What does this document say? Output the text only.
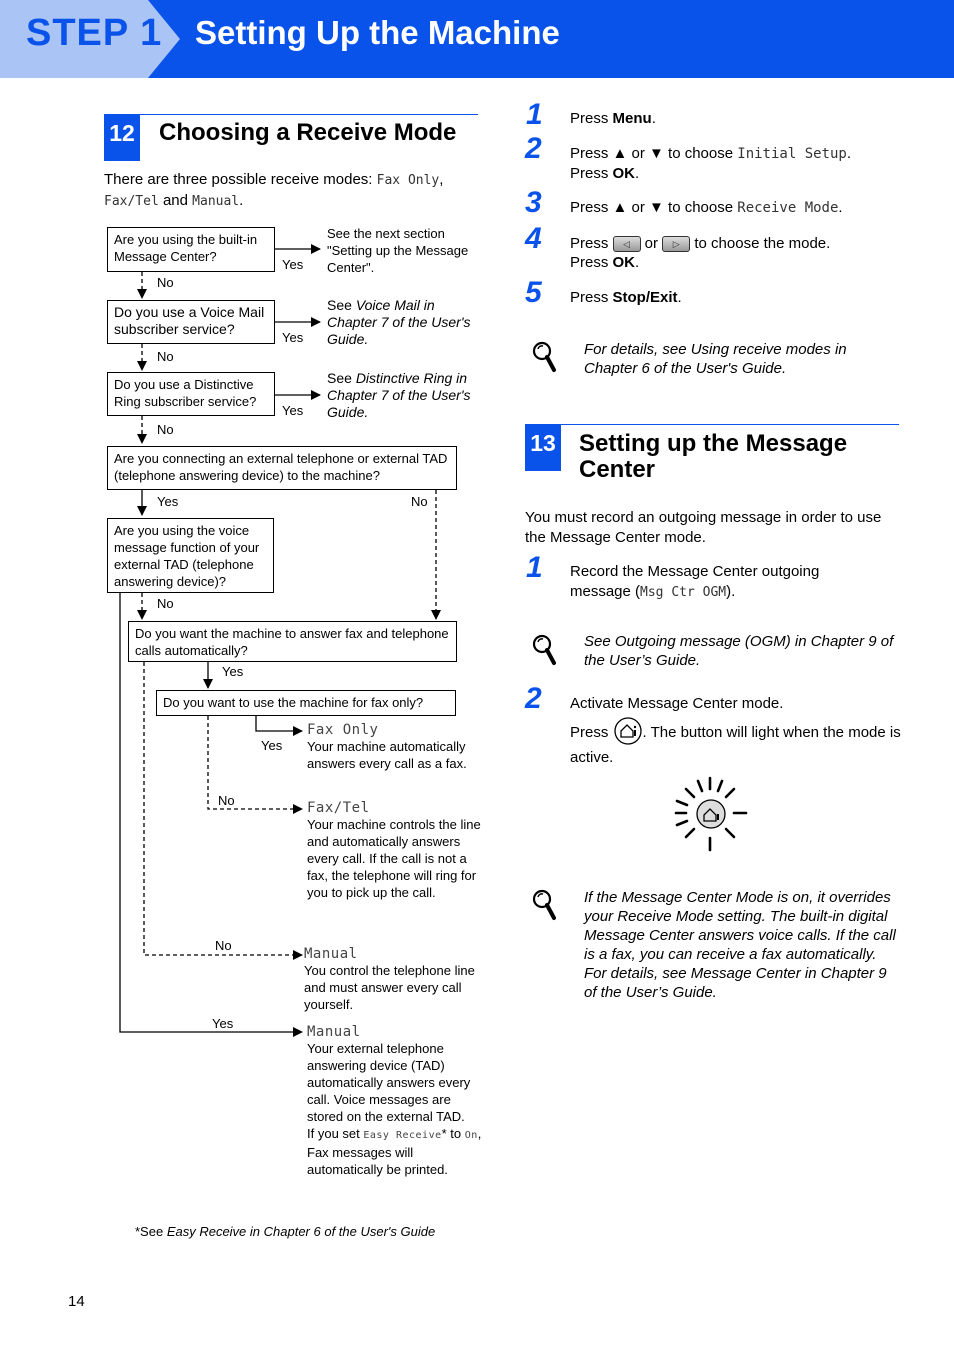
STEP 1 Setting Up the Machine
12 Choosing a Receive Mode
There are three possible receive modes: Fax Only,
Fax/Tel and Manual.
Are you using the built-in Message Center?
Yes
See the next section "Setting up the Message Center".
No
Do you use a Voice Mail subscriber service?
Yes
See Voice Mail in Chapter 7 of the User's Guide.
No
Do you use a Distinctive Ring subscriber service?
Yes
See Distinctive Ring in Chapter 7 of the User's Guide.
No
Are you connecting an external telephone or external TAD (telephone answering device) to the machine?
Yes	No
Are you using the voice message function of your external TAD (telephone answering device)?
No
Do you want the machine to answer fax and telephone calls automatically?
Yes
Do you want to use the machine for fax only?
Yes
No
Fax Only
Your machine automatically answers every call as a fax.
Fax/Tel
Your machine controls the line and automatically answers every call. If the call is not a fax, the telephone will ring for you to pick up the call.
No
Manual
You control the telephone line and must answer every call yourself.
Yes
Manual
Your external telephone answering device (TAD) automatically answers every call. Voice messages are stored on the external TAD.
If you set Easy Receive* to On, Fax messages will automatically be printed.
*See Easy Receive in Chapter 6 of the User's Guide
1 Press Menu.
2 Press ▲ or ▼ to choose Initial Setup.
Press OK.
3 Press ▲ or ▼ to choose Receive Mode.
4 Press ◁ or ▷ to choose the mode.
Press OK.
5 Press Stop/Exit.
For details, see Using receive modes in Chapter 6 of the User's Guide.
13 Setting up the Message
Center
You must record an outgoing message in order to use the Message Center mode.
1 Record the Message Center outgoing message (Msg Ctr OGM).
See Outgoing message (OGM) in Chapter 9 of the User’s Guide.
2 Activate Message Center mode.
Press . The button will light when the mode is active.
If the Message Center Mode is on, it overrides your Receive Mode setting. The built-in digital Message Center answers voice calls. If the call is a fax, you can receive a fax automatically. For details, see Message Center in Chapter 9 of the User’s Guide.
14
